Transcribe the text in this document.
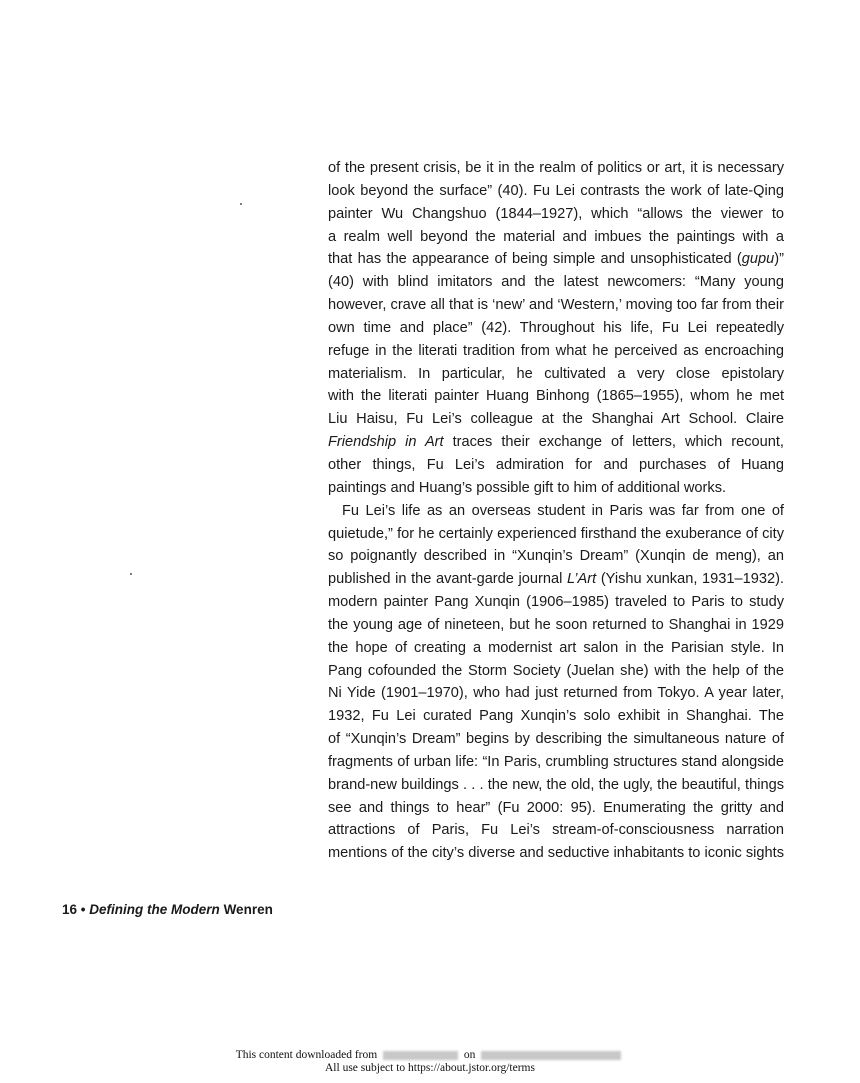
of the present crisis, be it in the realm of politics or art, it is necessary
look beyond the surface” (40). Fu Lei contrasts the work of late-Qing
painter Wu Changshuo (1844–1927), which “allows the viewer to
a realm well beyond the material and imbues the paintings with a
that has the appearance of being simple and unsophisticated (gupu)”
(40) with blind imitators and the latest newcomers: “Many young
however, crave all that is ‘new’ and ‘Western,’ moving too far from their
own time and place” (42). Throughout his life, Fu Lei repeatedly
refuge in the literati tradition from what he perceived as encroaching
materialism. In particular, he cultivated a very close epistolary
with the literati painter Huang Binhong (1865–1955), whom he met
Liu Haisu, Fu Lei’s colleague at the Shanghai Art School. Claire
Friendship in Art traces their exchange of letters, which recount,
other things, Fu Lei’s admiration for and purchases of Huang
paintings and Huang’s possible gift to him of additional works.
Fu Lei’s life as an overseas student in Paris was far from one of
quietude,” for he certainly experienced firsthand the exuberance of city
so poignantly described in “Xunqin’s Dream” (Xunqin de meng), an
published in the avant-garde journal L’Art (Yishu xunkan, 1931–1932).
modern painter Pang Xunqin (1906–1985) traveled to Paris to study
the young age of nineteen, but he soon returned to Shanghai in 1929
the hope of creating a modernist art salon in the Parisian style. In
Pang cofounded the Storm Society (Juelan she) with the help of the
Ni Yide (1901–1970), who had just returned from Tokyo. A year later,
1932, Fu Lei curated Pang Xunqin’s solo exhibit in Shanghai. The
of “Xunqin’s Dream” begins by describing the simultaneous nature of
fragments of urban life: “In Paris, crumbling structures stand alongside
brand-new buildings . . . the new, the old, the ugly, the beautiful, things
see and things to hear” (Fu 2000: 95). Enumerating the gritty and
attractions of Paris, Fu Lei’s stream-of-consciousness narration
mentions of the city’s diverse and seductive inhabitants to iconic sights
16 • Defining the Modern Wenren
This content downloaded from	on
All use subject to https://about.jstor.org/terms
